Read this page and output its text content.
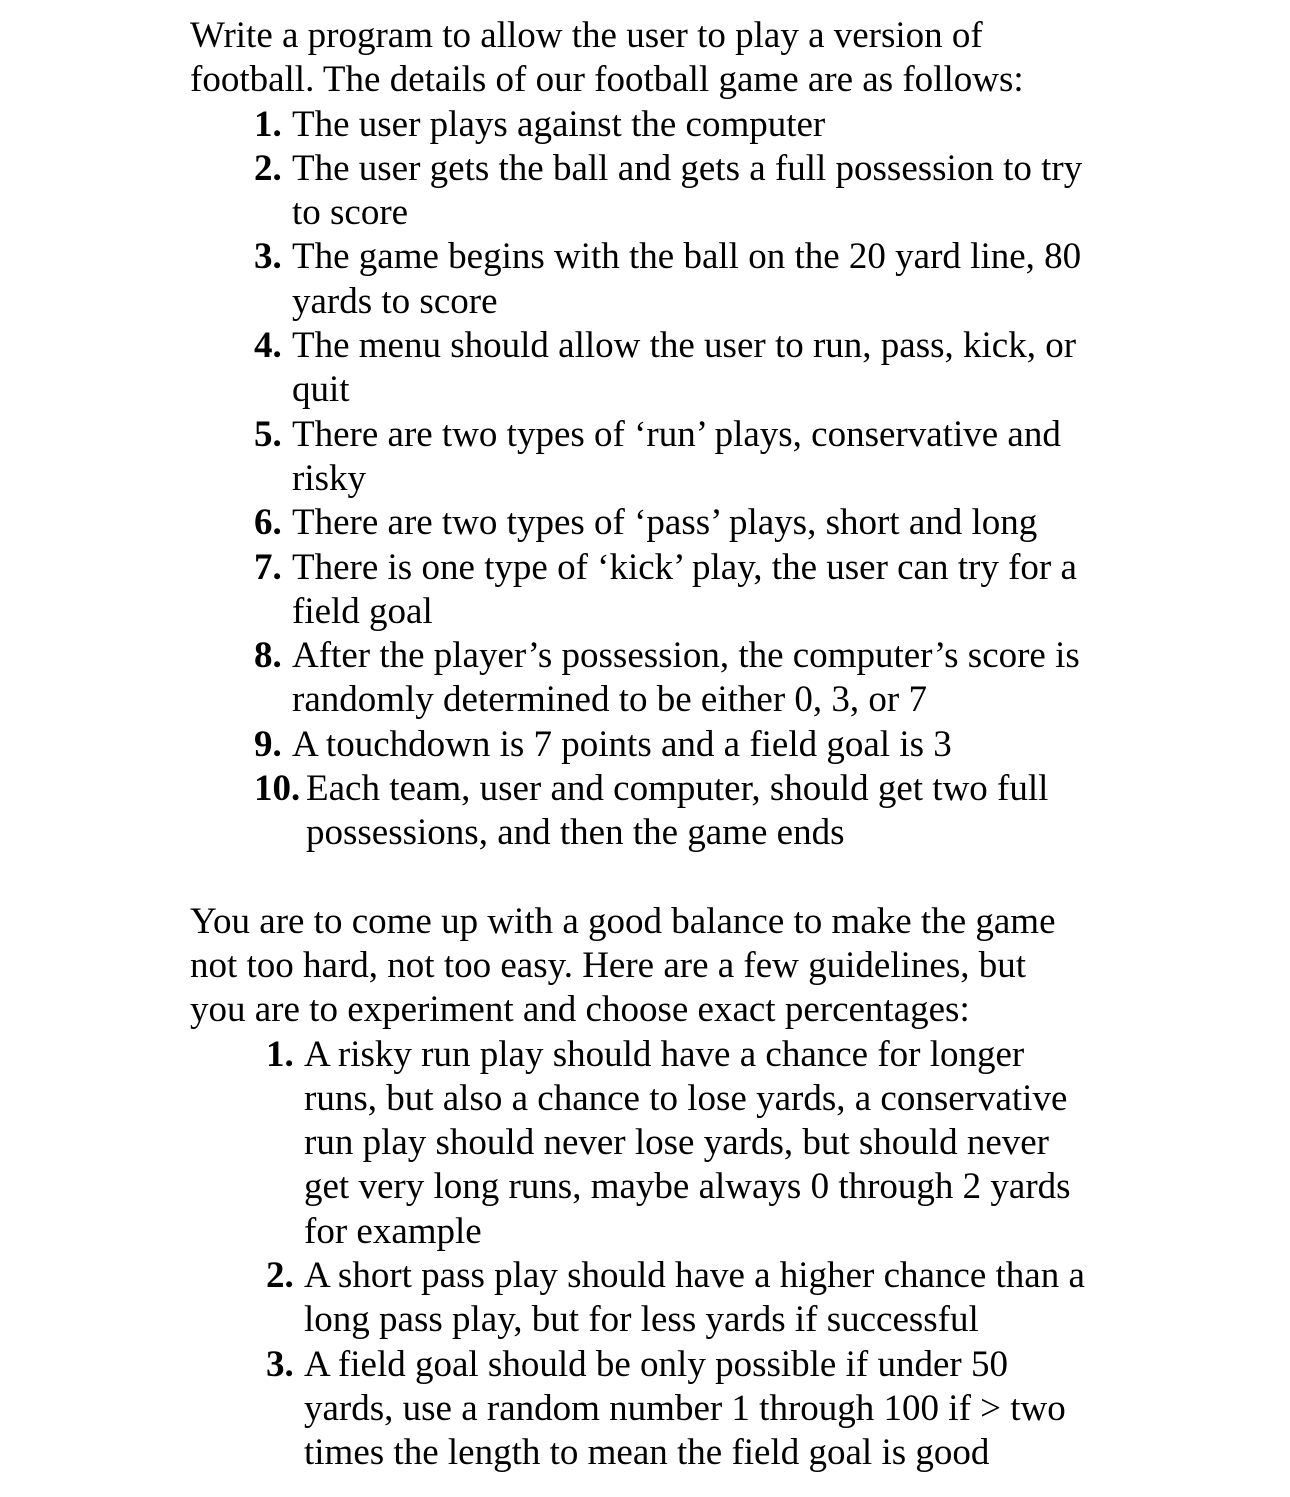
Write a program to allow the user to play a version of
football. The details of our football game are as follows:

1. The user plays against the computer
2. The user gets the ball and gets a full possession to try
to score
3. The game begins with the ball on the 20 yard line, 80
yards to score
4. The menu should allow the user to run, pass, kick, or
quit
5. There are two types of ‘run’ plays, conservative and
risky
6. There are two types of ‘pass’ plays, short and long
7. There is one type of ‘kick’ play, the user can try for a
field goal
8. After the player’s possession, the computer’s score is
randomly determined to be either 0, 3, or 7
9. A touchdown is 7 points and a field goal is 3
10. Each team, user and computer, should get two full
possessions, and then the game ends

You are to come up with a good balance to make the game
not too hard, not too easy. Here are a few guidelines, but
you are to experiment and choose exact percentages:

1. A risky run play should have a chance for longer
runs, but also a chance to lose yards, a conservative
run play should never lose yards, but should never
get very long runs, maybe always 0 through 2 yards
for example
2. A short pass play should have a higher chance than a
long pass play, but for less yards if successful
3. A field goal should be only possible if under 50
yards, use a random number 1 through 100 if > two
times the length to mean the field goal is good
